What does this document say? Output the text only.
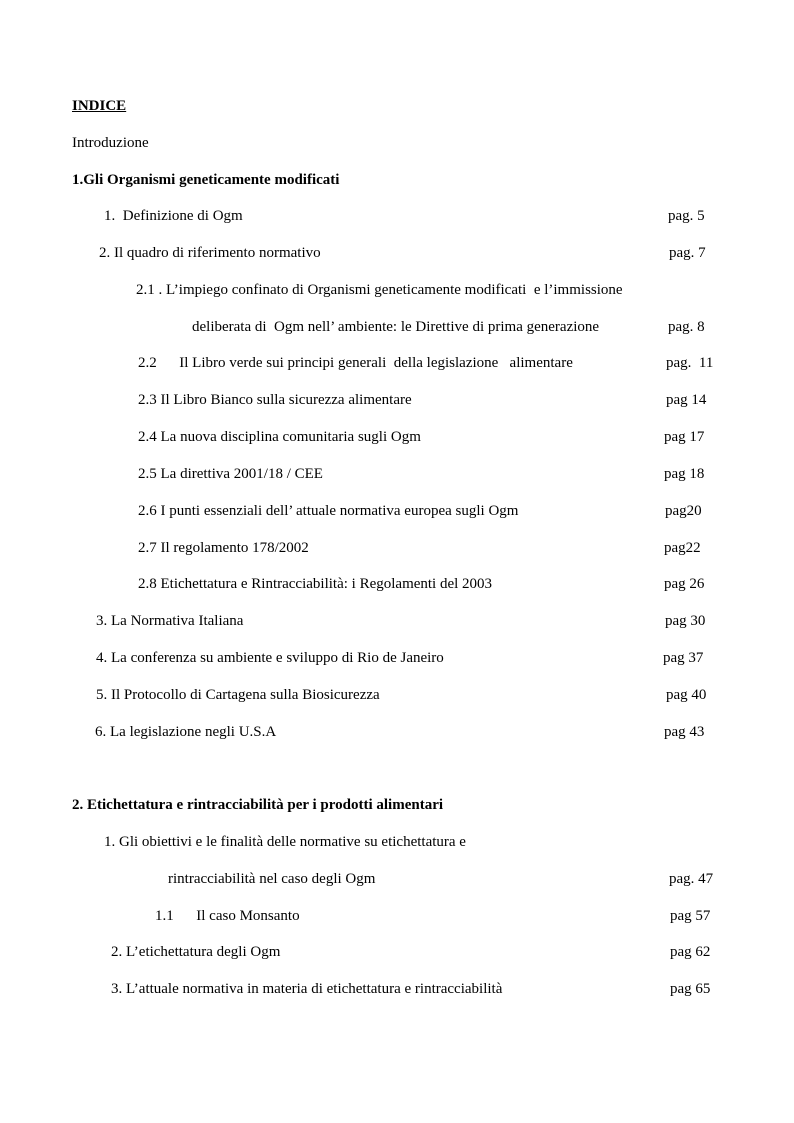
INDICE
Introduzione
1.Gli Organismi geneticamente modificati
1.  Definizione di Ogm	pag. 5
2. Il quadro di riferimento normativo	pag. 7
2.1 . L’impiego confinato di Organismi geneticamente modificati  e l’immissione
deliberata di  Ogm nell’ ambiente: le Direttive di prima generazione	pag. 8
2.2      Il Libro verde sui principi generali  della legislazione   alimentare	pag.  11
2.3 Il Libro Bianco sulla sicurezza alimentare	pag 14
2.4 La nuova disciplina comunitaria sugli Ogm	pag 17
2.5 La direttiva 2001/18 / CEE	pag 18
2.6 I punti essenziali dell’ attuale normativa europea sugli Ogm	pag20
2.7 Il regolamento 178/2002	pag22
2.8 Etichettatura e Rintracciabilità: i Regolamenti del 2003	pag 26
3. La Normativa Italiana	pag 30
4. La conferenza su ambiente e sviluppo di Rio de Janeiro	pag 37
5. Il Protocollo di Cartagena sulla Biosicurezza	pag 40
6. La legislazione negli U.S.A	pag 43
2. Etichettatura e rintracciabilità per i prodotti alimentari
1. Gli obiettivi e le finalità delle normative su etichettatura e
rintracciabilità nel caso degli Ogm	pag. 47
1.1      Il caso Monsanto	pag 57
2. L’etichettatura degli Ogm	pag 62
3. L’attuale normativa in materia di etichettatura e rintracciabilità	pag 65
